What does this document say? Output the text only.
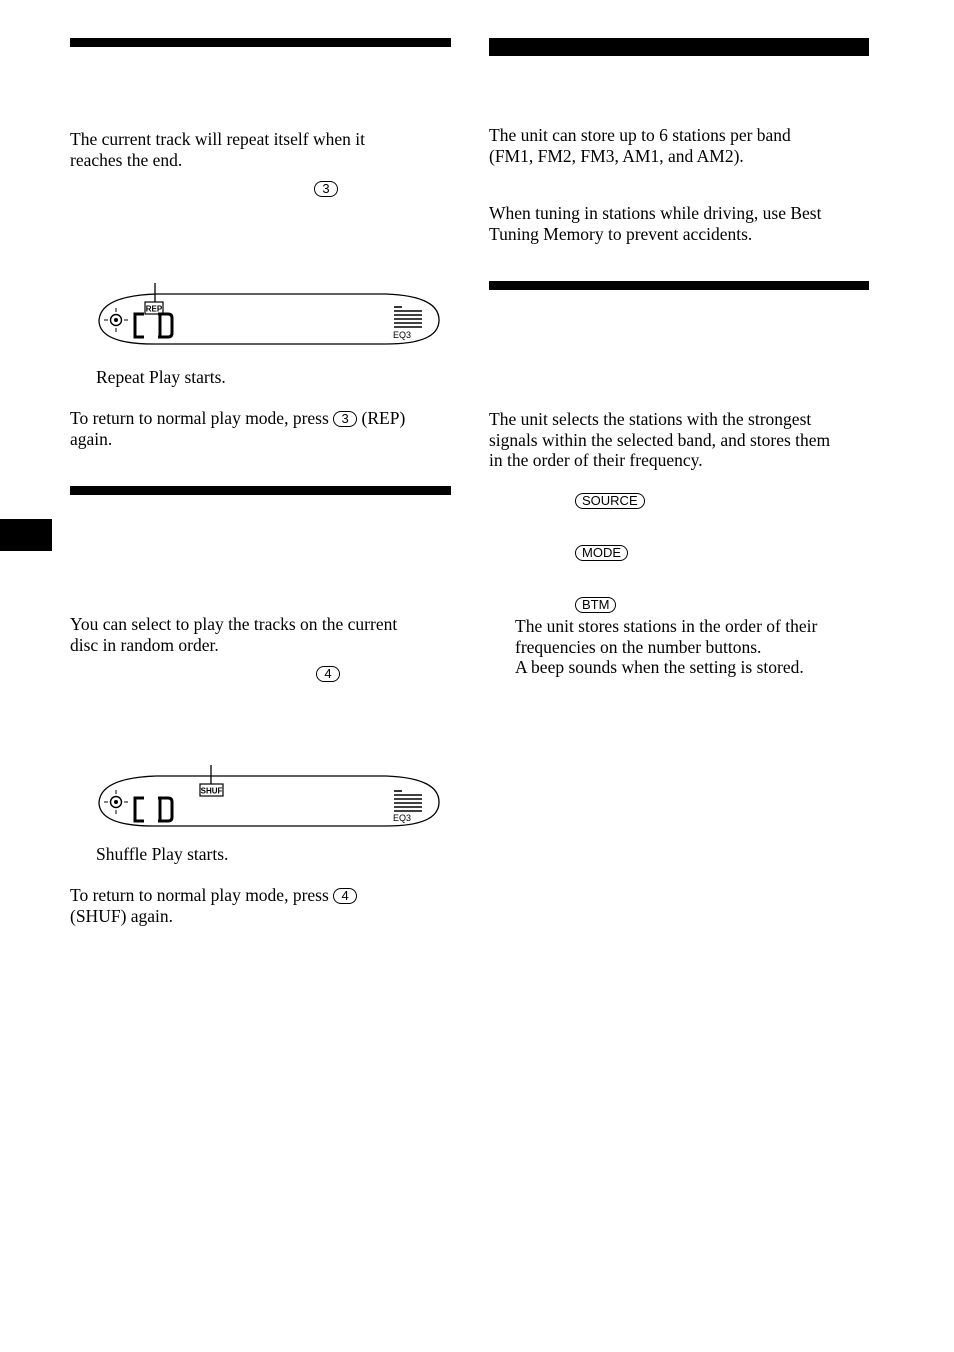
The current track will repeat itself when it
reaches the end.
3
REP
EQ3
Repeat Play starts.
To return to normal play mode, press 3 (REP)
again.
You can select to play the tracks on the current
disc in random order.
4
SHUF
EQ3
Shuffle Play starts.
To return to normal play mode, press 4
(SHUF) again.
The unit can store up to 6 stations per band
(FM1, FM2, FM3, AM1, and AM2).
When tuning in stations while driving, use Best
Tuning Memory to prevent accidents.
The unit selects the stations with the strongest
signals within the selected band, and stores them
in the order of their frequency.
SOURCE
MODE
BTM
The unit stores stations in the order of their
frequencies on the number buttons.
A beep sounds when the setting is stored.
